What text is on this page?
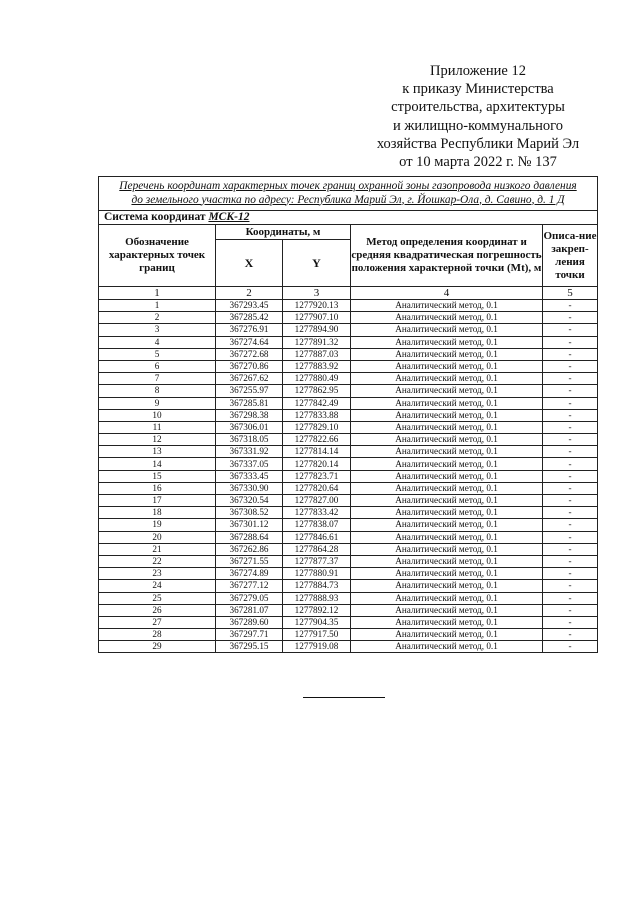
Приложение 12
к приказу Министерства
строительства, архитектуры
и жилищно-коммунального
хозяйства Республики Марий Эл
от 10 марта 2022 г. № 137
Перечень координат характерных точек границ охранной зоны газопровода низкого давления
до земельного участка по адресу: Республика Марий Эл, г. Йошкар-Ола, д. Савино, д. 1 Д				

Система координат МСК-12				
Обозначение характерных точек границ	Координаты, м		Метод определения координат и средняя квадратическая погрешность положения характерной точки (Mt), м	Описа-ние закреп-ления точки
	X	Y		
1	2	3	4	5
1	367293.45	1277920.13	Аналитический метод, 0.1	-
2	367285.42	1277907.10	Аналитический метод, 0.1	-
3	367276.91	1277894.90	Аналитический метод, 0.1	-
4	367274.64	1277891.32	Аналитический метод, 0.1	-
5	367272.68	1277887.03	Аналитический метод, 0.1	-
6	367270.86	1277883.92	Аналитический метод, 0.1	-
7	367267.62	1277880.49	Аналитический метод, 0.1	-
8	367255.97	1277862.95	Аналитический метод, 0.1	-
9	367285.81	1277842.49	Аналитический метод, 0.1	-
10	367298.38	1277833.88	Аналитический метод, 0.1	-
11	367306.01	1277829.10	Аналитический метод, 0.1	-
12	367318.05	1277822.66	Аналитический метод, 0.1	-
13	367331.92	1277814.14	Аналитический метод, 0.1	-
14	367337.05	1277820.14	Аналитический метод, 0.1	-
15	367333.45	1277823.71	Аналитический метод, 0.1	-
16	367330.90	1277820.64	Аналитический метод, 0.1	-
17	367320.54	1277827.00	Аналитический метод, 0.1	-
18	367308.52	1277833.42	Аналитический метод, 0.1	-
19	367301.12	1277838.07	Аналитический метод, 0.1	-
20	367288.64	1277846.61	Аналитический метод, 0.1	-
21	367262.86	1277864.28	Аналитический метод, 0.1	-
22	367271.55	1277877.37	Аналитический метод, 0.1	-
23	367274.89	1277880.91	Аналитический метод, 0.1	-
24	367277.12	1277884.73	Аналитический метод, 0.1	-
25	367279.05	1277888.93	Аналитический метод, 0.1	-
26	367281.07	1277892.12	Аналитический метод, 0.1	-
27	367289.60	1277904.35	Аналитический метод, 0.1	-
28	367297.71	1277917.50	Аналитический метод, 0.1	-
29	367295.15	1277919.08	Аналитический метод, 0.1	-
